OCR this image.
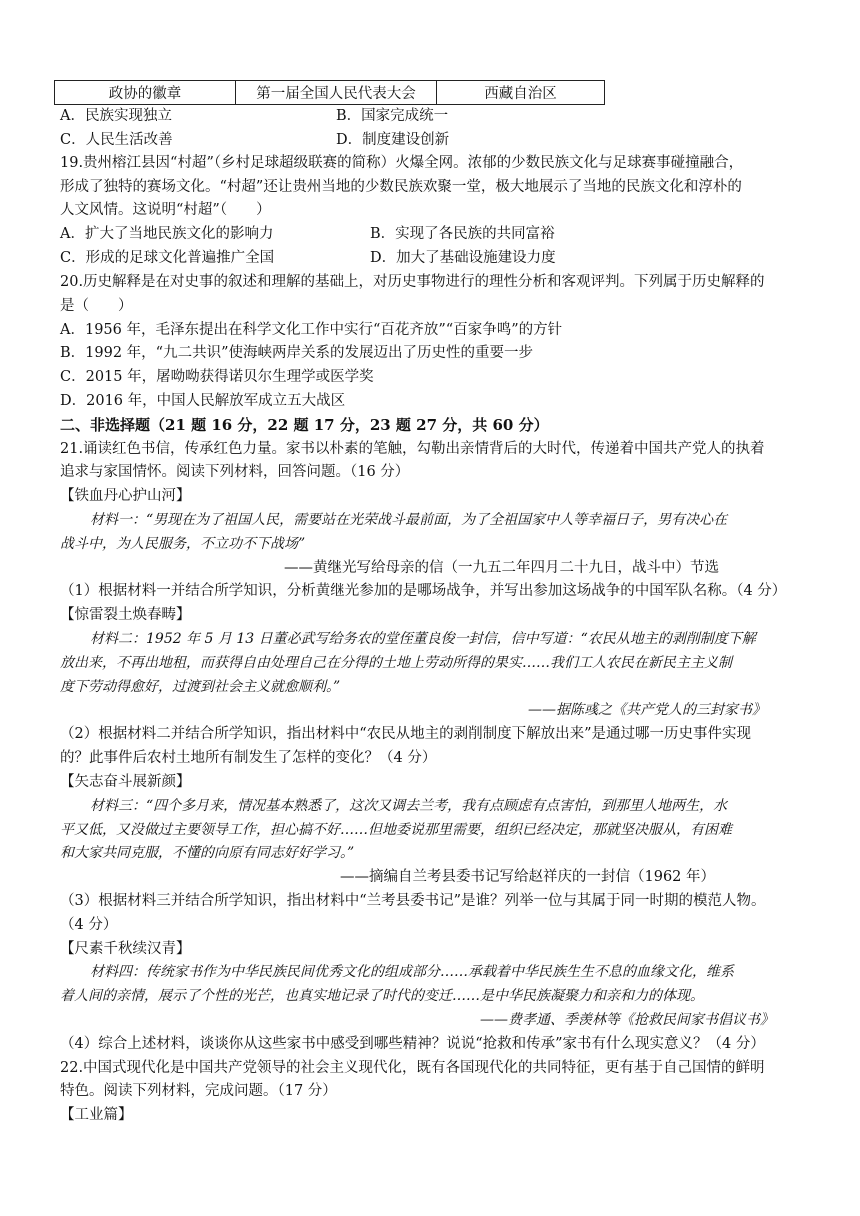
政协的徽章	第一届全国人民代表大会	西藏自治区
A．民族实现独立	B．国家完成统一
C．人民生活改善	D．制度建设创新
19.贵州榕江县因“村超”（乡村足球超级联赛的简称）火爆全网。浓郁的少数民族文化与足球赛事碰撞融合，
形成了独特的赛场文化。“村超”还让贵州当地的少数民族欢聚一堂，极大地展示了当地的民族文化和淳朴的
人文风情。这说明“村超”（　　）
A．扩大了当地民族文化的影响力	B．实现了各民族的共同富裕
C．形成的足球文化普遍推广全国	D．加大了基础设施建设力度
20.历史解释是在对史事的叙述和理解的基础上，对历史事物进行的理性分析和客观评判。下列属于历史解释的
是（　　）
A．1956 年，毛泽东提出在科学文化工作中实行“百花齐放”“百家争鸣”的方针
B．1992 年，“九二共识”使海峡两岸关系的发展迈出了历史性的重要一步
C．2015 年，屠呦呦获得诺贝尔生理学或医学奖
D．2016 年，中国人民解放军成立五大战区
二、非选择题（21 题 16 分，22 题 17 分，23 题 27 分，共 60 分）
21.诵读红色书信，传承红色力量。家书以朴素的笔触，勾勒出亲情背后的大时代，传递着中国共产党人的执着
追求与家国情怀。阅读下列材料，回答问题。（16 分）
【铁血丹心护山河】
材料一：“男现在为了祖国人民，需要站在光荣战斗最前面，为了全祖国家中人等幸福日子，男有决心在
战斗中，为人民服务，不立功不下战场”
——黄继光写给母亲的信（一九五二年四月二十九日，战斗中）节选
（1）根据材料一并结合所学知识，分析黄继光参加的是哪场战争，并写出参加这场战争的中国军队名称。（4 分）
【惊雷裂土焕春畴】
材料二：1952 年 5 月 13 日董必武写给务农的堂侄董良俊一封信，信中写道：“农民从地主的剥削制度下解
放出来，不再出地租，而获得自由处理自己在分得的土地上劳动所得的果实……我们工人农民在新民主主义制
度下劳动得愈好，过渡到社会主义就愈顺利。”
——据陈彧之《共产党人的三封家书》
（2）根据材料二并结合所学知识，指出材料中“农民从地主的剥削制度下解放出来”是通过哪一历史事件实现
的？此事件后农村土地所有制发生了怎样的变化？（4 分）
【矢志奋斗展新颜】
材料三：“四个多月来，情况基本熟悉了，这次又调去兰考，我有点顾虑有点害怕，到那里人地两生，水
平又低，又没做过主要领导工作，担心搞不好……但地委说那里需要，组织已经决定，那就坚决服从，有困难
和大家共同克服，不懂的向原有同志好好学习。”
——摘编自兰考县委书记写给赵祥庆的一封信（1962 年）
（3）根据材料三并结合所学知识，指出材料中“兰考县委书记”是谁？列举一位与其属于同一时期的模范人物。
（4 分）
【尺素千秋续汉青】
材料四：传统家书作为中华民族民间优秀文化的组成部分……承载着中华民族生生不息的血缘文化，维系
着人间的亲情，展示了个性的光芒，也真实地记录了时代的变迁……是中华民族凝聚力和亲和力的体现。
——费孝通、季羡林等《抢救民间家书倡议书》
（4）综合上述材料，谈谈你从这些家书中感受到哪些精神？说说“抢救和传承”家书有什么现实意义？（4 分）
22.中国式现代化是中国共产党领导的社会主义现代化，既有各国现代化的共同特征，更有基于自己国情的鲜明
特色。阅读下列材料，完成问题。（17 分）
【工业篇】
